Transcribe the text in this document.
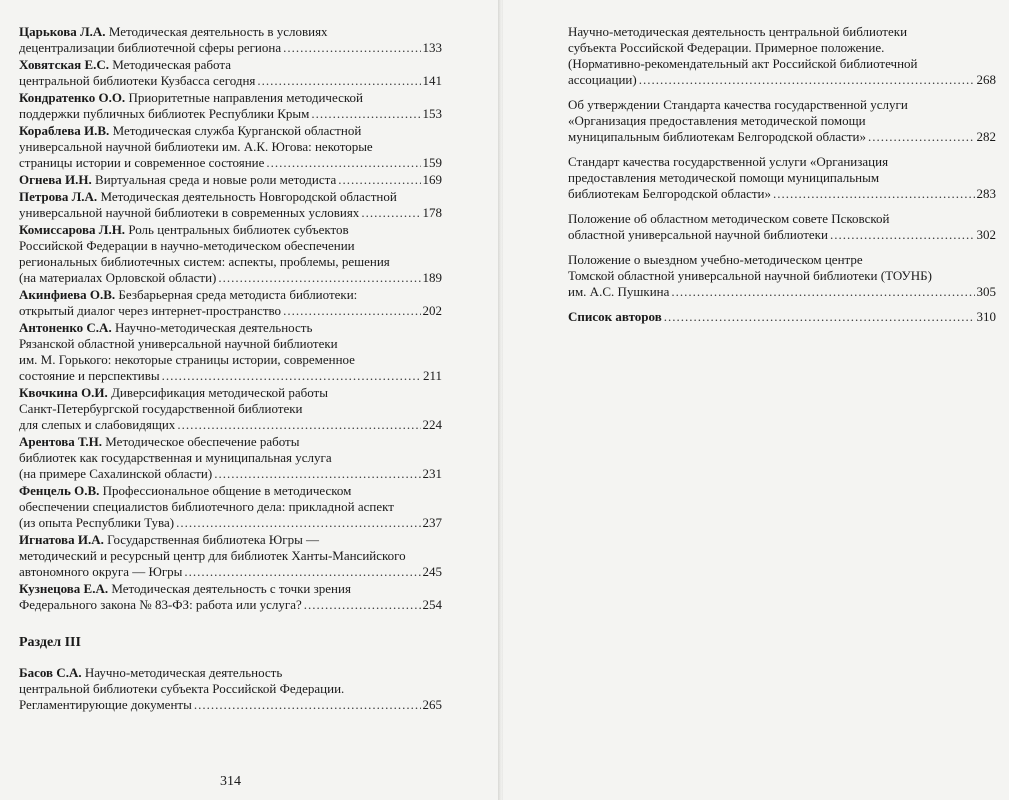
Царькова Л.А. Методическая деятельность в условиях
децентрализации библиотечной сферы региона .....	133
Ховятская Е.С. Методическая работа
центральной библиотеки Кузбасса сегодня .....	141
Кондратенко О.О. Приоритетные направления методической
поддержки публичных библиотек Республики Крым .....	153
Кораблева И.В. Методическая служба Курганской областной
универсальной научной библиотеки им. А.К. Югова: некоторые
страницы истории и современное состояние .....	159
Огнева И.Н. Виртуальная среда и новые роли методиста .....	169
Петрова Л.А. Методическая деятельность Новгородской областной
универсальной научной библиотеки в современных условиях .....	178
Комиссарова Л.Н. Роль центральных библиотек субъектов
Российской Федерации в научно-методическом обеспечении
региональных библиотечных систем: аспекты, проблемы, решения
(на материалах Орловской области) .....	189
Акинфиева О.В. Безбарьерная среда методиста библиотеки:
открытый диалог через интернет-пространство .....	202
Антоненко С.А. Научно-методическая деятельность
Рязанской областной универсальной научной библиотеки
им. М. Горького: некоторые страницы истории, современное
состояние и перспективы .....	211
Квочкина О.И. Диверсификация методической работы
Санкт-Петербургской государственной библиотеки
для слепых и слабовидящих .....	224
Арентова Т.Н. Методическое обеспечение работы
библиотек как государственная и муниципальная услуга
(на примере Сахалинской области) .....	231
Фенцель О.В. Профессиональное общение в методическом
обеспечении специалистов библиотечного дела: прикладной аспект
(из опыта Республики Тува) .....	237
Игнатова И.А. Государственная библиотека Югры —
методический и ресурсный центр для библиотек Ханты-Мансийского
автономного округа — Югры .....	245
Кузнецова Е.А. Методическая деятельность с точки зрения
Федерального закона № 83-ФЗ: работа или услуга? .....	254
Раздел III
Басов С.А. Научно-методическая деятельность
центральной библиотеки субъекта Российской Федерации.
Регламентирующие документы .....	265
314
Научно-методическая деятельность центральной библиотеки
субъекта Российской Федерации. Примерное положение.
(Нормативно-рекомендательный акт Российской библиотечной
ассоциации) .....	268
Об утверждении Стандарта качества государственной услуги
«Организация предоставления методической помощи
муниципальным библиотекам Белгородской области» .....	282
Стандарт качества государственной услуги «Организация
предоставления методической помощи муниципальным
библиотекам Белгородской области» .....	283
Положение об областном методическом совете Псковской
областной универсальной научной библиотеки .....	302
Положение о выездном учебно-методическом центре
Томской областной универсальной научной библиотеки (ТОУНБ)
им. А.С. Пушкина .....	305
Список авторов .....	310
